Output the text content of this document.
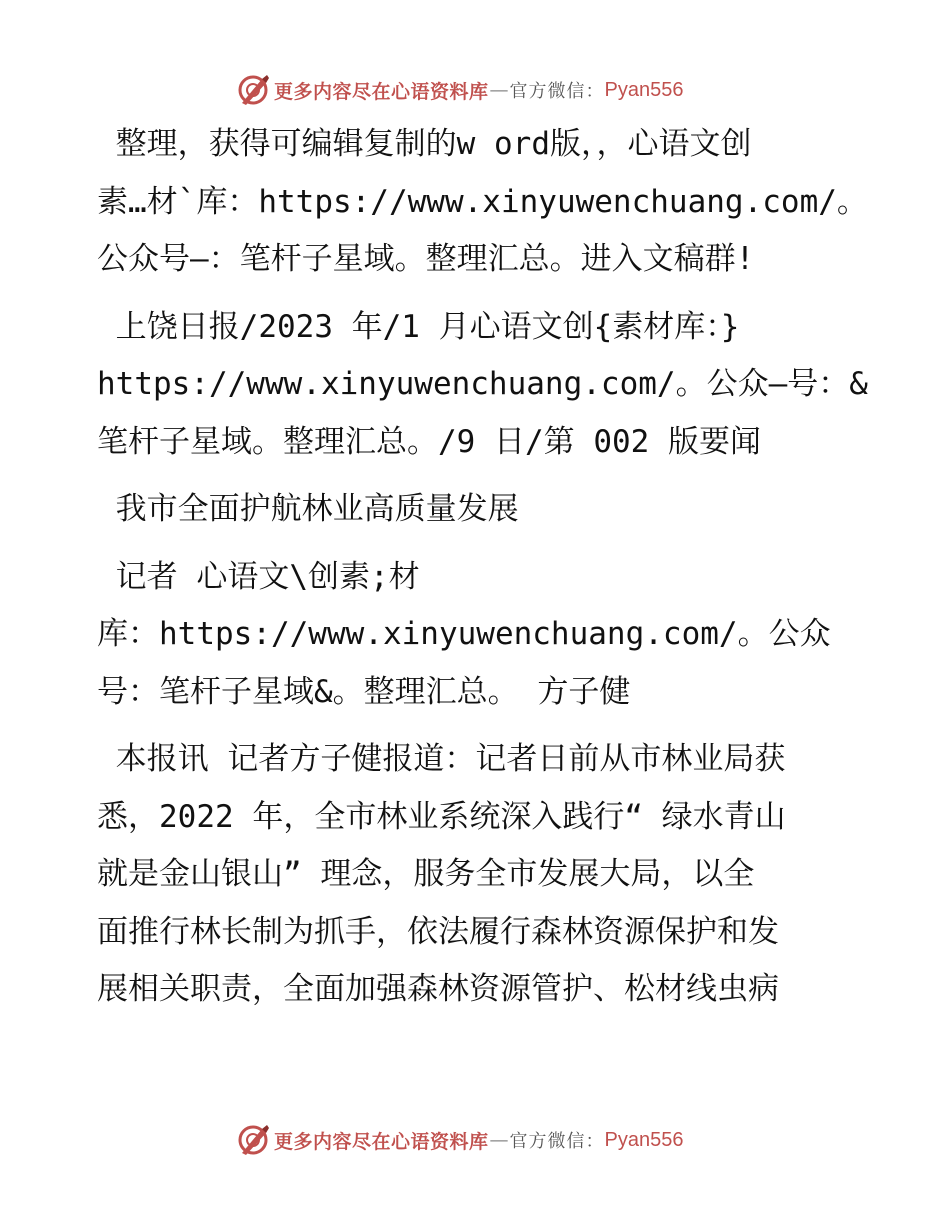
更多内容尽在心语资料库 — 官方微信： Pyan556
整理，获得可编辑复制的w ord版，，心语文创
素…材`库：https://www.xinyuwenchuang.com/。
公众号—：笔杆子星域。整理汇总。进入文稿群!
上饶日报/2023 年/1 月心语文创{素材库：}
https://www.xinyuwenchuang.com/。公众—号：&
笔杆子星域。整理汇总。/9 日/第 002 版要闻
我市全面护航林业高质量发展
记者 心语文\创素;材
库：https://www.xinyuwenchuang.com/。公众
号：笔杆子星域&。整理汇总。 方子健
本报讯 记者方子健报道：记者日前从市林业局获
悉，2022 年，全市林业系统深入践行“ 绿水青山
就是金山银山” 理念，服务全市发展大局，以全
面推行林长制为抓手，依法履行森林资源保护和发
展相关职责，全面加强森林资源管护、松材线虫病
更多内容尽在心语资料库 — 官方微信： Pyan556
